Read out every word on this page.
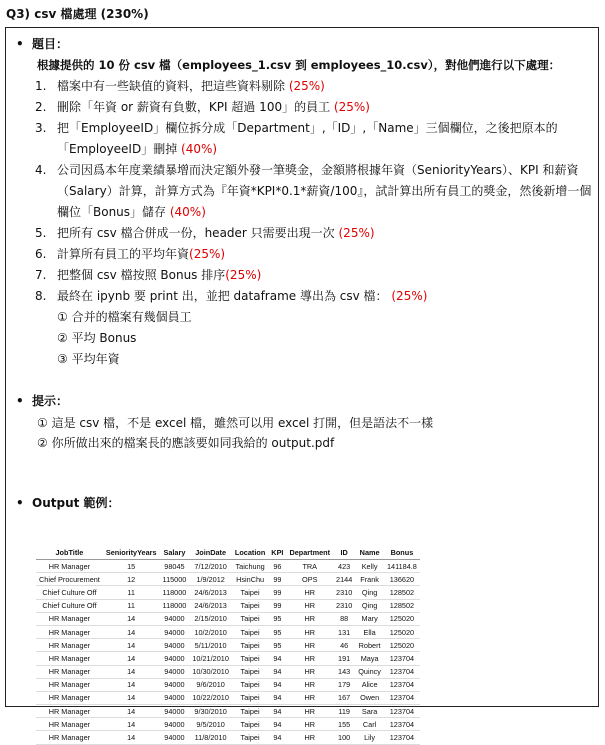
Q3) csv 檔處理 (230%)
• 題目：
根據提供的 10 份 csv 檔（employees_1.csv 到 employees_10.csv），對他們進行以下處理：
1. 檔案中有一些缺值的資料，把這些資料剔除 (25%)
2. 刪除「年資 or 薪資有負數，KPI 超過 100」的員工 (25%)
3. 把「EmployeeID」欄位拆分成「Department」,「ID」,「Name」三個欄位，之後把原本的「EmployeeID」刪掉 (40%)
4. 公司因爲本年度業績暴增而決定額外發一筆獎金，金額將根據年資（SeniorityYears）、KPI 和薪資（Salary）計算，計算方式為『年資*KPI*0.1*薪資/100』，試計算出所有員工的獎金，然後新增一個欄位「Bonus」儲存 (40%)
5. 把所有 csv 檔合併成一份，header 只需要出現一次 (25%)
6. 計算所有員工的平均年資(25%)
7. 把整個 csv 檔按照 Bonus 排序(25%)
8. 最終在 ipynb 要 print 出，並把 dataframe 導出為 csv 檔： (25%)
① 合并的檔案有幾個員工
② 平均 Bonus
③ 平均年資
• 提示：
① 這是 csv 檔，不是 excel 檔，雖然可以用 excel 打開，但是語法不一樣
② 你所做出來的檔案長的應該要如同我給的 output.pdf
• Output 範例：
JobTitle	SeniorityYears	Salary	JoinDate	Location	KPI	Department	ID	Name	Bonus
HR Manager	15	98045	7/12/2010	Taichung	96	TRA	423	Kelly	141184.8
Chief Procurement	12	115000	1/9/2012	HsinChu	99	OPS	2144	Frank	136620
Chief Culture Off	11	118000	24/6/2013	Taipei	99	HR	2310	Qing	128502
Chief Culture Off	11	118000	24/6/2013	Taipei	99	HR	2310	Qing	128502
HR Manager	14	94000	2/15/2010	Taipei	95	HR	88	Mary	125020
HR Manager	14	94000	10/2/2010	Taipei	95	HR	131	Ella	125020
HR Manager	14	94000	5/11/2010	Taipei	95	HR	46	Robert	125020
HR Manager	14	94000	10/21/2010	Taipei	94	HR	191	Maya	123704
HR Manager	14	94000	10/30/2010	Taipei	94	HR	143	Quincy	123704
HR Manager	14	94000	9/6/2010	Taipei	94	HR	179	Alice	123704
HR Manager	14	94000	10/22/2010	Taipei	94	HR	167	Owen	123704
HR Manager	14	94000	9/30/2010	Taipei	94	HR	119	Sara	123704
HR Manager	14	94000	9/5/2010	Taipei	94	HR	155	Carl	123704
HR Manager	14	94000	11/8/2010	Taipei	94	HR	100	Lily	123704
